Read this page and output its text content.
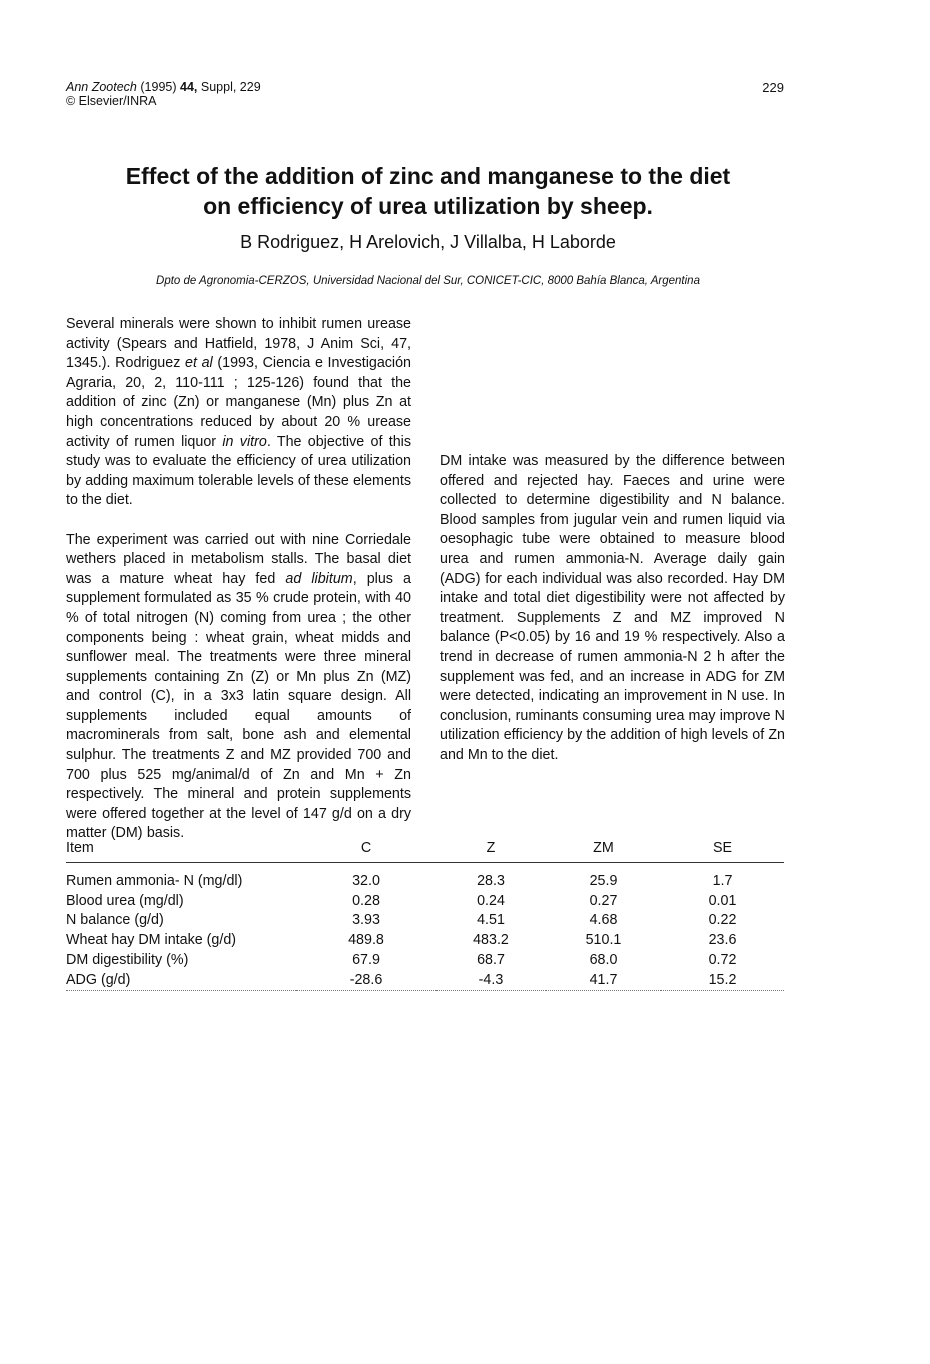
Ann Zootech (1995) 44, Suppl, 229
© Elsevier/INRA
229
Effect of the addition of zinc and manganese to the diet
on efficiency of urea utilization by sheep.
B Rodriguez, H Arelovich, J Villalba, H Laborde
Dpto de Agronomia-CERZOS, Universidad Nacional del Sur, CONICET-CIC, 8000 Bahía Blanca, Argentina

Several minerals were shown to inhibit rumen urease activity (Spears and Hatfield, 1978, J Anim Sci, 47, 1345.). Rodriguez et al (1993, Ciencia e Investigación Agraria, 20, 2, 110-111 ; 125-126) found that the addition of zinc (Zn) or manganese (Mn) plus Zn at high concentrations reduced by about 20 % urease activity of rumen liquor in vitro. The objective of this study was to evaluate the efficiency of urea utilization by adding maximum tolerable levels of these elements to the diet.

The experiment was carried out with nine Corriedale wethers placed in metabolism stalls. The basal diet was a mature wheat hay fed ad libitum, plus a supplement formulated as 35 % crude protein, with 40 % of total nitrogen (N) coming from urea ; the other components being : wheat grain, wheat midds and sunflower meal. The treatments were three mineral supplements containing Zn (Z) or Mn plus Zn (MZ) and control (C), in a 3x3 latin square design. All supplements included equal amounts of macrominerals from salt, bone ash and elemental sulphur. The treatments Z and MZ provided 700 and 700 plus 525 mg/animal/d of Zn and Mn + Zn respectively. The mineral and protein supplements were offered together at the level of 147 g/d on a dry matter (DM) basis.

DM intake was measured by the difference between offered and rejected hay. Faeces and urine were collected to determine digestibility and N balance. Blood samples from jugular vein and rumen liquid via oesophagic tube were obtained to measure blood urea and rumen ammonia-N. Average daily gain (ADG) for each individual was also recorded. Hay DM intake and total diet digestibility were not affected by treatment. Supplements Z and MZ improved N balance (P<0.05) by 16 and 19 % respectively. Also a trend in decrease of rumen ammonia-N 2 h after the supplement was fed, and an increase in ADG for ZM were detected, indicating an improvement in N use. In conclusion, ruminants consuming urea may improve N utilization efficiency by the addition of high levels of Zn and Mn to the diet.

Item	C	Z	ZM	SE
Rumen ammonia- N (mg/dl)	32.0	28.3	25.9	1.7
Blood urea (mg/dl)	0.28	0.24	0.27	0.01
N balance (g/d)	3.93	4.51	4.68	0.22
Wheat hay DM intake (g/d)	489.8	483.2	510.1	23.6
DM digestibility (%)	67.9	68.7	68.0	0.72
ADG (g/d)	-28.6	-4.3	41.7	15.2
